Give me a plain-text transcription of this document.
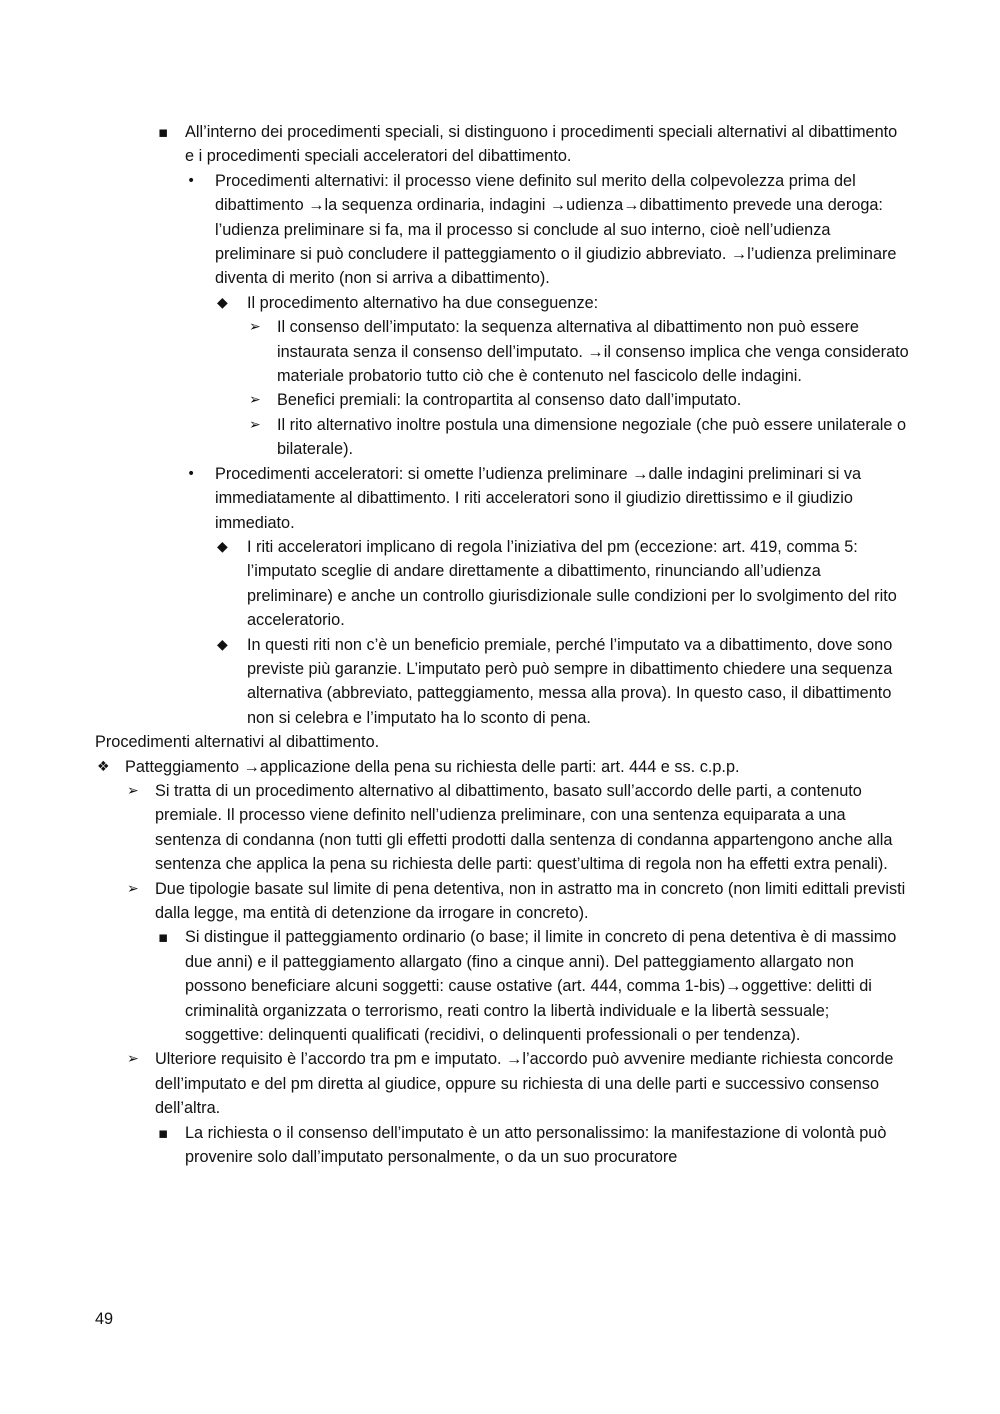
▪ All’interno dei procedimenti speciali, si distinguono i procedimenti speciali alternativi al dibattimento e i procedimenti speciali acceleratori del dibattimento.

• Procedimenti alternativi: il processo viene definito sul merito della colpevolezza prima del dibattimento →la sequenza ordinaria, indagini →udienza→dibattimento prevede una deroga: l’udienza preliminare si fa, ma il processo si conclude al suo interno, cioè nell’udienza preliminare si può concludere il patteggiamento o il giudizio abbreviato. →l’udienza preliminare diventa di merito (non si arriva a dibattimento).

◆ Il procedimento alternativo ha due conseguenze:

➢ Il consenso dell’imputato: la sequenza alternativa al dibattimento non può essere instaurata senza il consenso dell’imputato. →il consenso implica che venga considerato materiale probatorio tutto ciò che è contenuto nel fascicolo delle indagini.

➢ Benefici premiali: la contropartita al consenso dato dall’imputato.

➢ Il rito alternativo inoltre postula una dimensione negoziale (che può essere unilaterale o bilaterale).

• Procedimenti acceleratori: si omette l’udienza preliminare →dalle indagini preliminari si va immediatamente al dibattimento. I riti acceleratori sono il giudizio direttissimo e il giudizio immediato.

◆ I riti acceleratori implicano di regola l’iniziativa del pm (eccezione: art. 419, comma 5: l’imputato sceglie di andare direttamente a dibattimento, rinunciando all’udienza preliminare) e anche un controllo giurisdizionale sulle condizioni per lo svolgimento del rito acceleratorio.

◆ In questi riti non c’è un beneficio premiale, perché l’imputato va a dibattimento, dove sono previste più garanzie. L’imputato però può sempre in dibattimento chiedere una sequenza alternativa (abbreviato, patteggiamento, messa alla prova). In questo caso, il dibattimento non si celebra e l’imputato ha lo sconto di pena.

Procedimenti alternativi al dibattimento.

❖ Patteggiamento →applicazione della pena su richiesta delle parti: art. 444 e ss. c.p.p.

➢ Si tratta di un procedimento alternativo al dibattimento, basato sull’accordo delle parti, a contenuto premiale. Il processo viene definito nell’udienza preliminare, con una sentenza equiparata a una sentenza di condanna (non tutti gli effetti prodotti dalla sentenza di condanna appartengono anche alla sentenza che applica la pena su richiesta delle parti: quest’ultima di regola non ha effetti extra penali).

➢ Due tipologie basate sul limite di pena detentiva, non in astratto ma in concreto (non limiti edittali previsti dalla legge, ma entità di detenzione da irrogare in concreto).

▪ Si distingue il patteggiamento ordinario (o base; il limite in concreto di pena detentiva è di massimo due anni) e il patteggiamento allargato (fino a cinque anni). Del patteggiamento allargato non possono beneficiare alcuni soggetti: cause ostative (art. 444, comma 1-bis)→oggettive: delitti di criminalità organizzata o terrorismo, reati contro la libertà individuale e la libertà sessuale; soggettive: delinquenti qualificati (recidivi, o delinquenti professionali o per tendenza).

➢ Ulteriore requisito è l’accordo tra pm e imputato. →l’accordo può avvenire mediante richiesta concorde dell’imputato e del pm diretta al giudice, oppure su richiesta di una delle parti e successivo consenso dell’altra.

▪ La richiesta o il consenso dell’imputato è un atto personalissimo: la manifestazione di volontà può provenire solo dall’imputato personalmente, o da un suo procuratore

49
